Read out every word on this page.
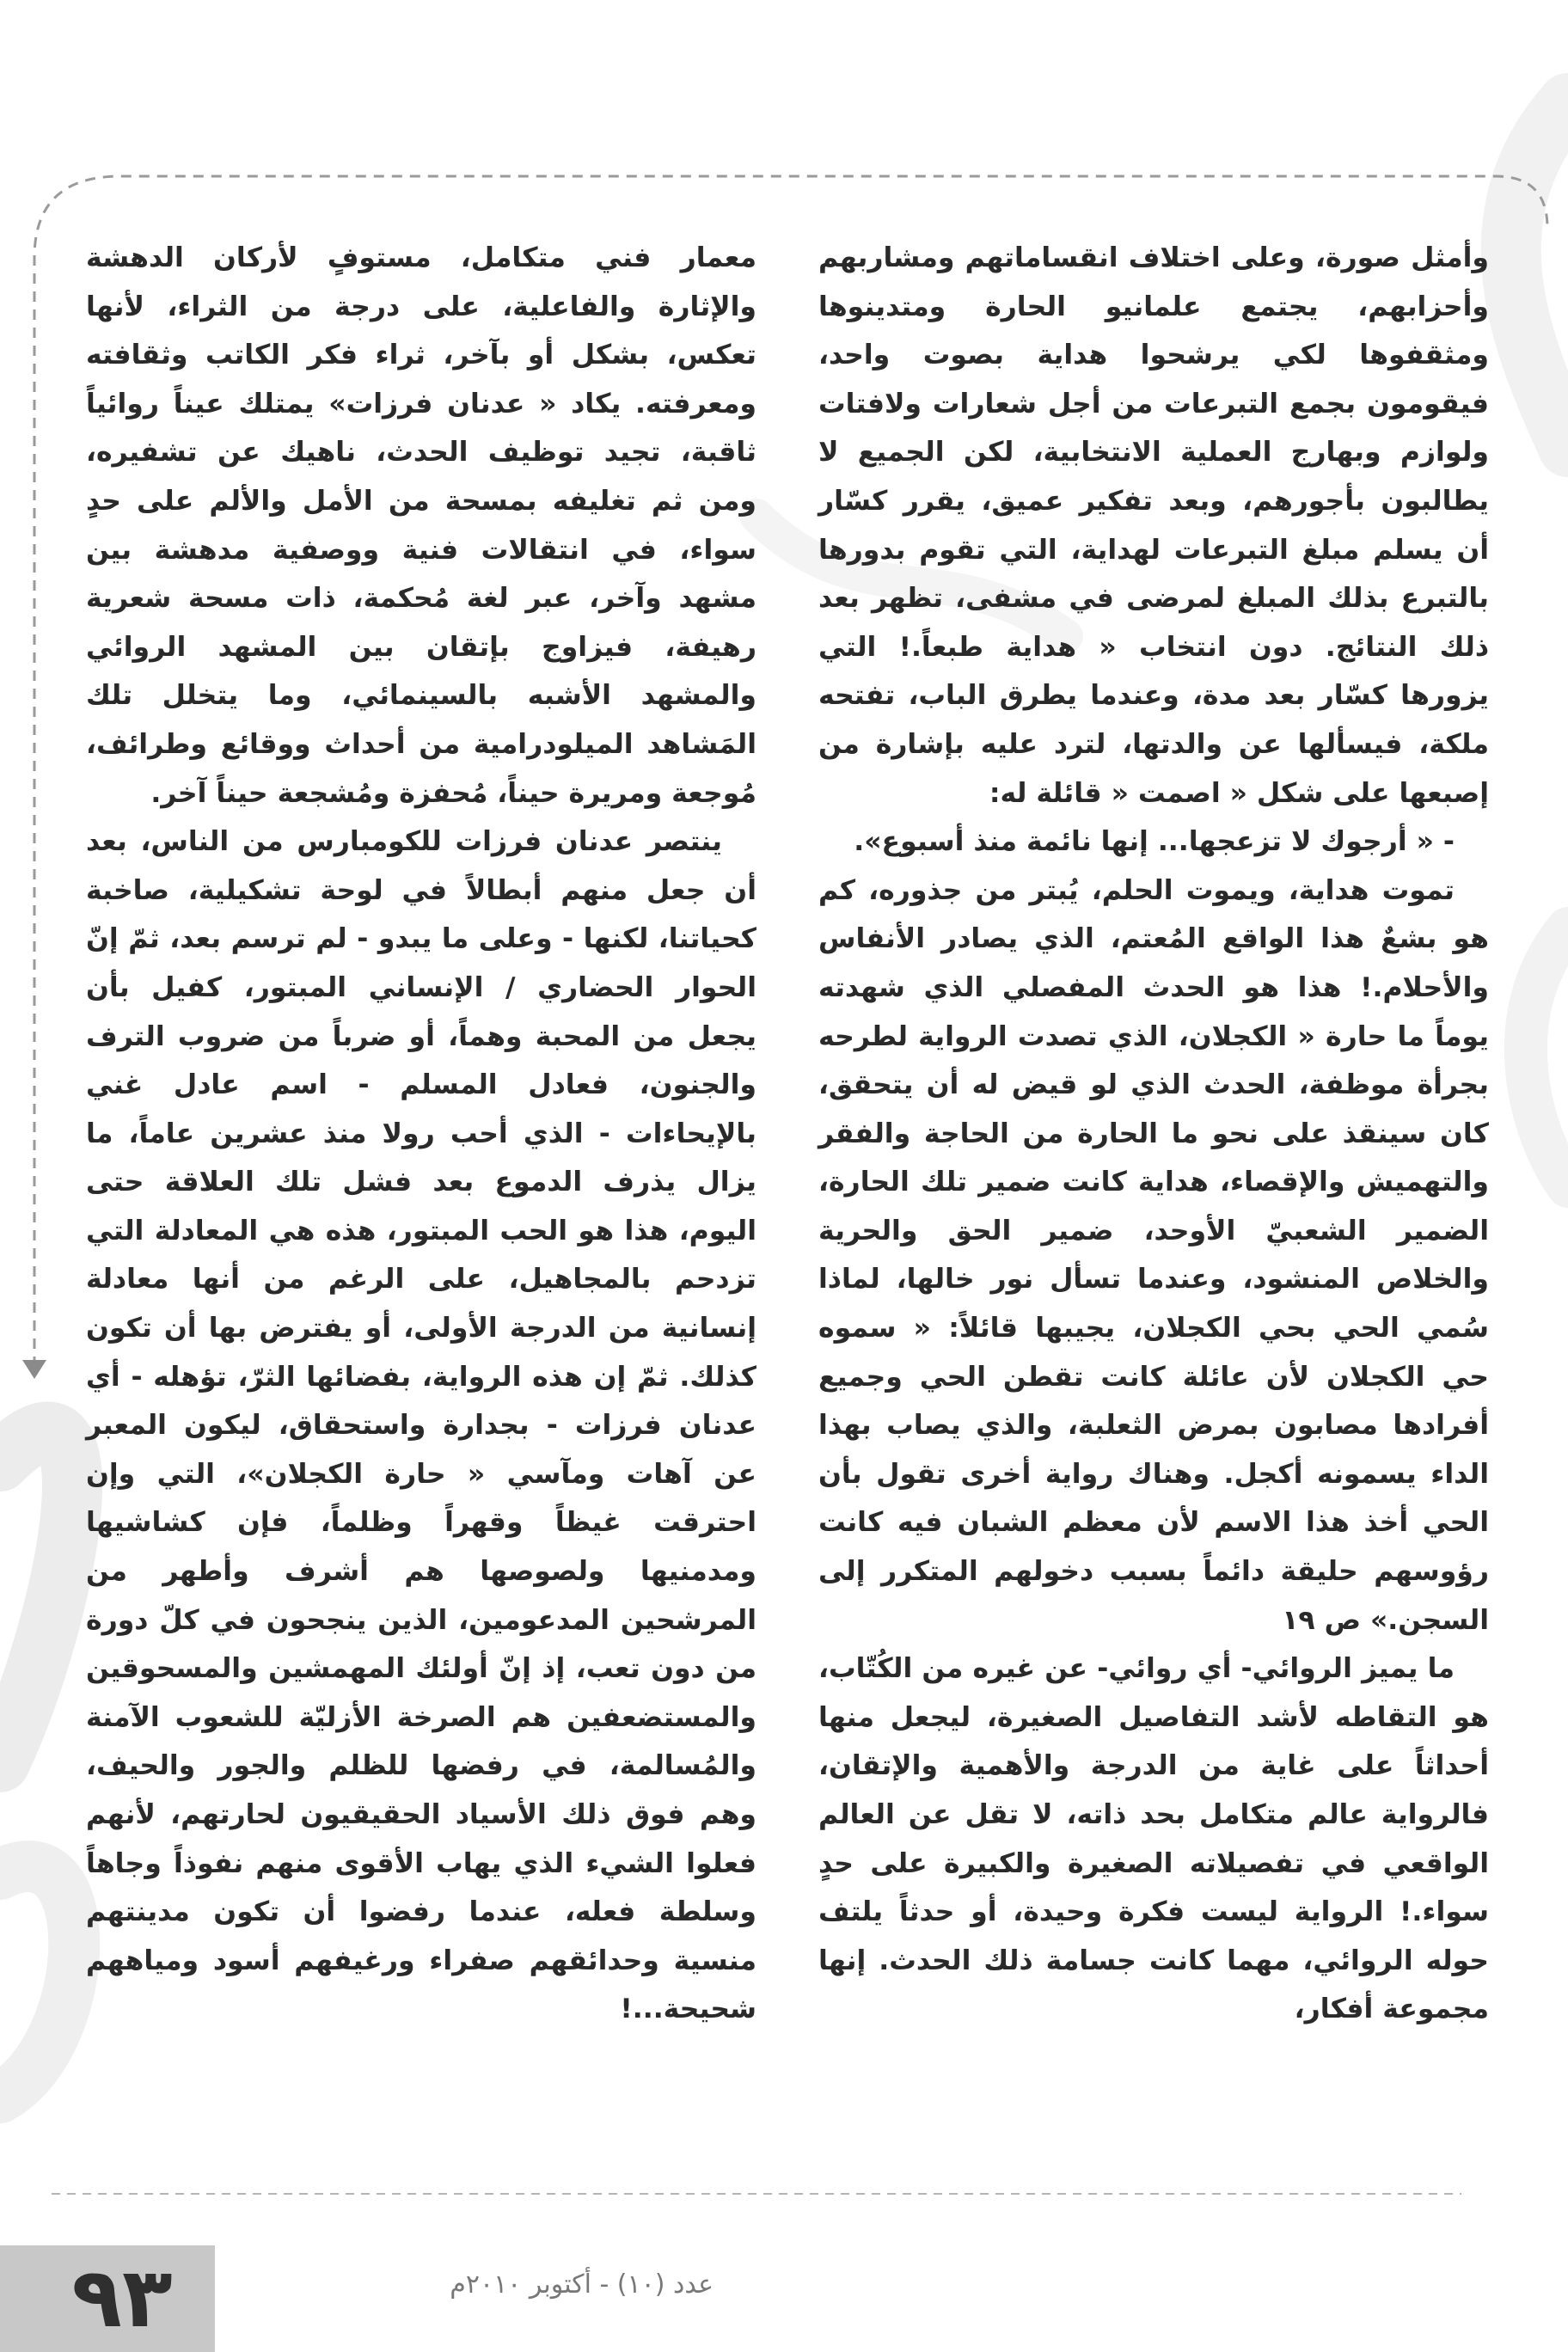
وأمثل صورة، وعلى اختلاف انقساماتهم ومشاربهم وأحزابهم، يجتمع علمانيو الحارة ومتدينوها ومثقفوها لكي يرشحوا هداية بصوت واحد، فيقومون بجمع التبرعات من أجل شعارات ولافتات ولوازم وبهارج العملية الانتخابية، لكن الجميع لا يطالبون بأجورهم، وبعد تفكير عميق، يقرر كسّار أن يسلم مبلغ التبرعات لهداية، التي تقوم بدورها بالتبرع بذلك المبلغ لمرضى في مشفى، تظهر بعد ذلك النتائج. دون انتخاب « هداية طبعاً.! التي يزورها كسّار بعد مدة، وعندما يطرق الباب، تفتحه ملكة، فيسألها عن والدتها، لترد عليه بإشارة من إصبعها على شكل « اصمت « قائلة له:

- « أرجوك لا تزعجها... إنها نائمة منذ أسبوع».

تموت هداية، ويموت الحلم، يُبتر من جذوره، كم هو بشعٌ هذا الواقع المُعتم، الذي يصادر الأنفاس والأحلام.! هذا هو الحدث المفصلي الذي شهدته يوماً ما حارة « الكجلان، الذي تصدت الرواية لطرحه بجرأة موظفة، الحدث الذي لو قيض له أن يتحقق، كان سينقذ على نحو ما الحارة من الحاجة والفقر والتهميش والإقصاء، هداية كانت ضمير تلك الحارة، الضمير الشعبيّ الأوحد، ضمير الحق والحرية والخلاص المنشود، وعندما تسأل نور خالها، لماذا سُمي الحي بحي الكجلان، يجيبها قائلاً: « سموه حي الكجلان لأن عائلة كانت تقطن الحي وجميع أفرادها مصابون بمرض الثعلبة، والذي يصاب بهذا الداء يسمونه أكجل. وهناك رواية أخرى تقول بأن الحي أخذ هذا الاسم لأن معظم الشبان فيه كانت رؤوسهم حليقة دائماً بسبب دخولهم المتكرر إلى السجن.» ص ١٩

ما يميز الروائي- أي روائي- عن غيره من الكُتّاب، هو التقاطه لأشد التفاصيل الصغيرة، ليجعل منها أحداثاً على غاية من الدرجة والأهمية والإتقان، فالرواية عالم متكامل بحد ذاته، لا تقل عن العالم الواقعي في تفصيلاته الصغيرة والكبيرة على حدٍ سواء.! الرواية ليست فكرة وحيدة، أو حدثاً يلتف حوله الروائي، مهما كانت جسامة ذلك الحدث. إنها مجموعة أفكار،

معمار فني متكامل، مستوفٍ لأركان الدهشة والإثارة والفاعلية، على درجة من الثراء، لأنها تعكس، بشكل أو بآخر، ثراء فكر الكاتب وثقافته ومعرفته. يكاد « عدنان فرزات» يمتلك عيناً روائياً ثاقبة، تجيد توظيف الحدث، ناهيك عن تشفيره، ومن ثم تغليفه بمسحة من الأمل والألم على حدٍ سواء، في انتقالات فنية ووصفية مدهشة بين مشهد وآخر، عبر لغة مُحكمة، ذات مسحة شعرية رهيفة، فيزاوج بإتقان بين المشهد الروائي والمشهد الأشبه بالسينمائي، وما يتخلل تلك المَشاهد الميلودرامية من أحداث ووقائع وطرائف، مُوجعة ومريرة حيناً، مُحفزة ومُشجعة حيناً آخر.

ينتصر عدنان فرزات للكومبارس من الناس، بعد أن جعل منهم أبطالاً في لوحة تشكيلية، صاخبة كحياتنا، لكنها - وعلى ما يبدو - لم ترسم بعد، ثمّ إنّ الحوار الحضاري / الإنساني المبتور، كفيل بأن يجعل من المحبة وهماً، أو ضرباً من ضروب الترف والجنون، فعادل المسلم - اسم عادل غني بالإيحاءات - الذي أحب رولا منذ عشرين عاماً، ما يزال يذرف الدموع بعد فشل تلك العلاقة حتى اليوم، هذا هو الحب المبتور، هذه هي المعادلة التي تزدحم بالمجاهيل، على الرغم من أنها معادلة إنسانية من الدرجة الأولى، أو يفترض بها أن تكون كذلك. ثمّ إن هذه الرواية، بفضائها الثرّ، تؤهله - أي عدنان فرزات - بجدارة واستحقاق، ليكون المعبر عن آهات ومآسي « حارة الكجلان»، التي وإن احترقت غيظاً وقهراً وظلماً، فإن كشاشيها ومدمنيها ولصوصها هم أشرف وأطهر من المرشحين المدعومين، الذين ينجحون في كلّ دورة من دون تعب، إذ إنّ أولئك المهمشين والمسحوقين والمستضعفين هم الصرخة الأزليّة للشعوب الآمنة والمُسالمة، في رفضها للظلم والجور والحيف، وهم فوق ذلك الأسياد الحقيقيون لحارتهم، لأنهم فعلوا الشيء الذي يهاب الأقوى منهم نفوذاً وجاهاً وسلطة فعله، عندما رفضوا أن تكون مدينتهم منسية وحدائقهم صفراء ورغيفهم أسود ومياههم شحيحة...!

عدد (١٠) - أكتوبر ٢٠١٠م
٩٣
